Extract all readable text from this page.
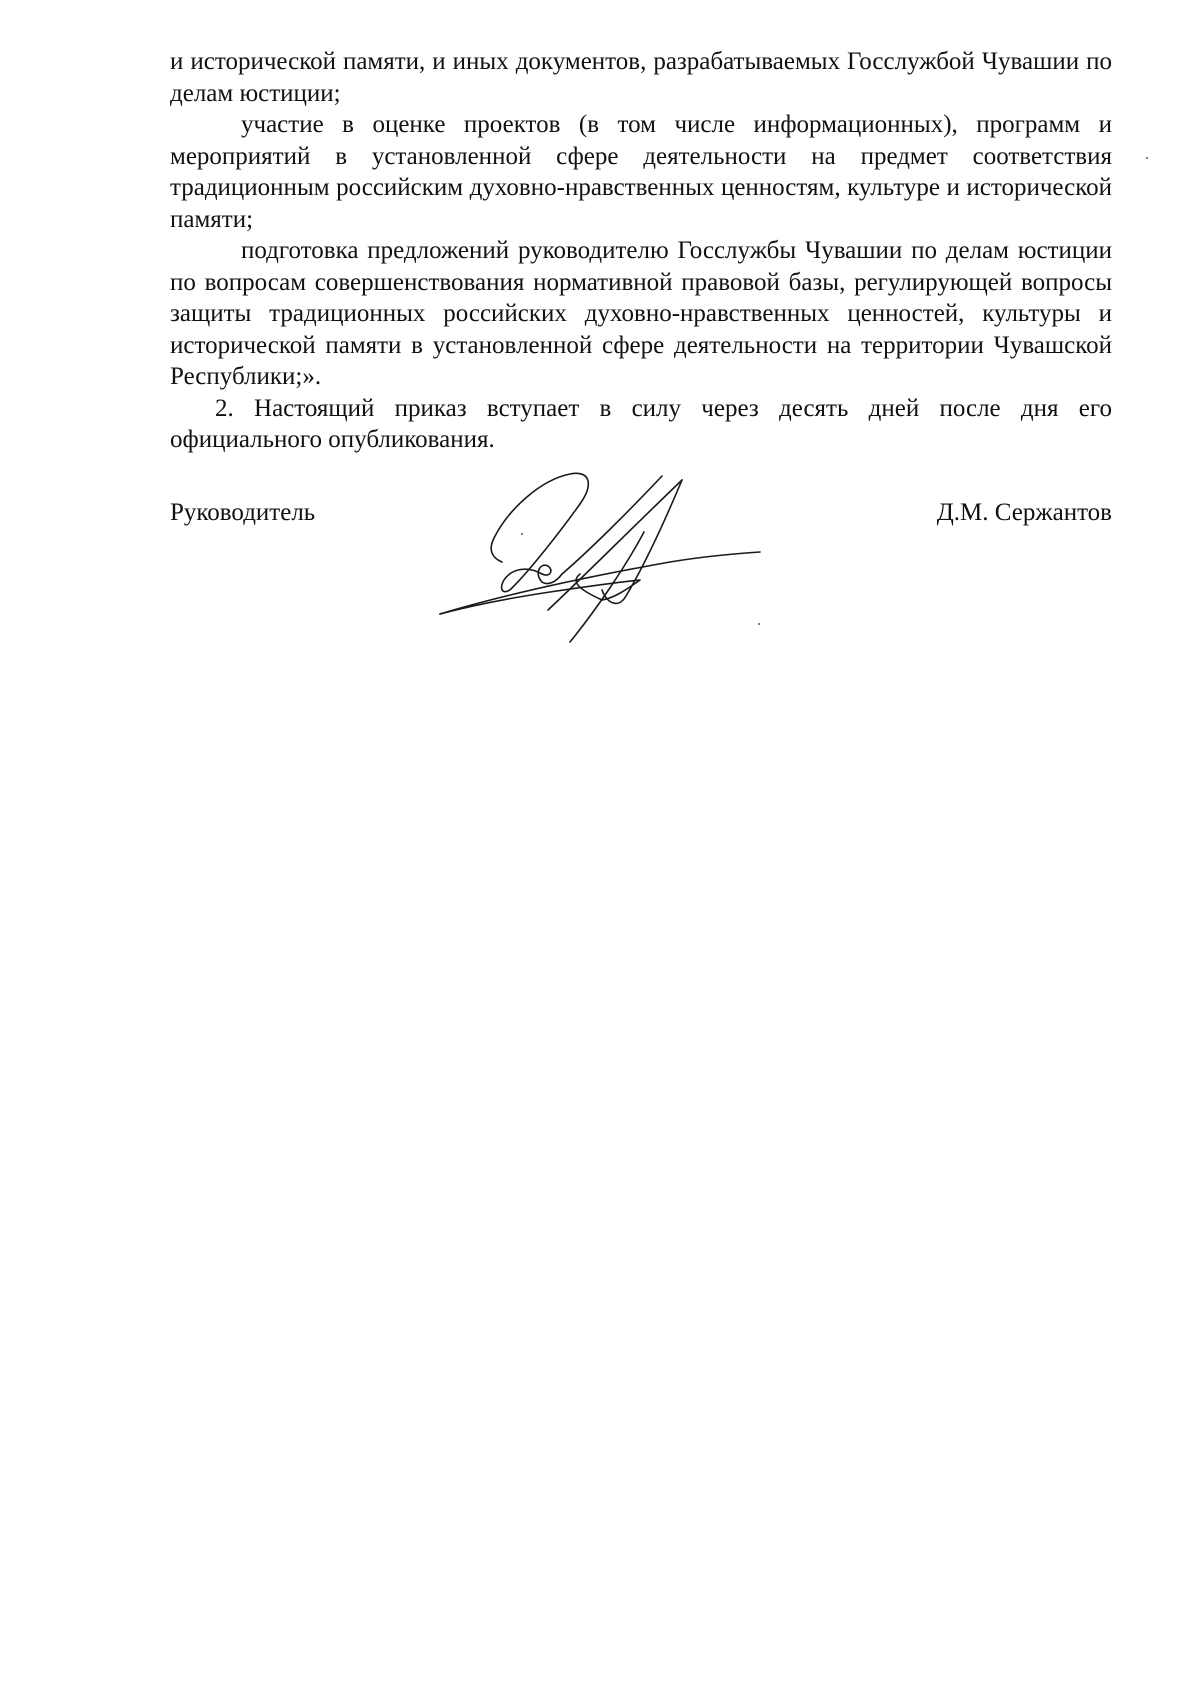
и исторической памяти, и иных документов, разрабатываемых Госслужбой Чувашии по делам юстиции;

участие в оценке проектов (в том числе информационных), программ и мероприятий в установленной сфере деятельности на предмет соответствия традиционным российским духовно-нравственных ценностям, культуре и исторической памяти;

подготовка предложений руководителю Госслужбы Чувашии по делам юстиции по вопросам совершенствования нормативной правовой базы, регулирующей вопросы защиты традиционных российских духовно-нравственных ценностей, культуры и исторической памяти в установленной сфере деятельности на территории Чувашской Республики;».

2. Настоящий приказ вступает в силу через десять дней после дня его официального опубликования.

Руководитель	Д.М. Сержантов
